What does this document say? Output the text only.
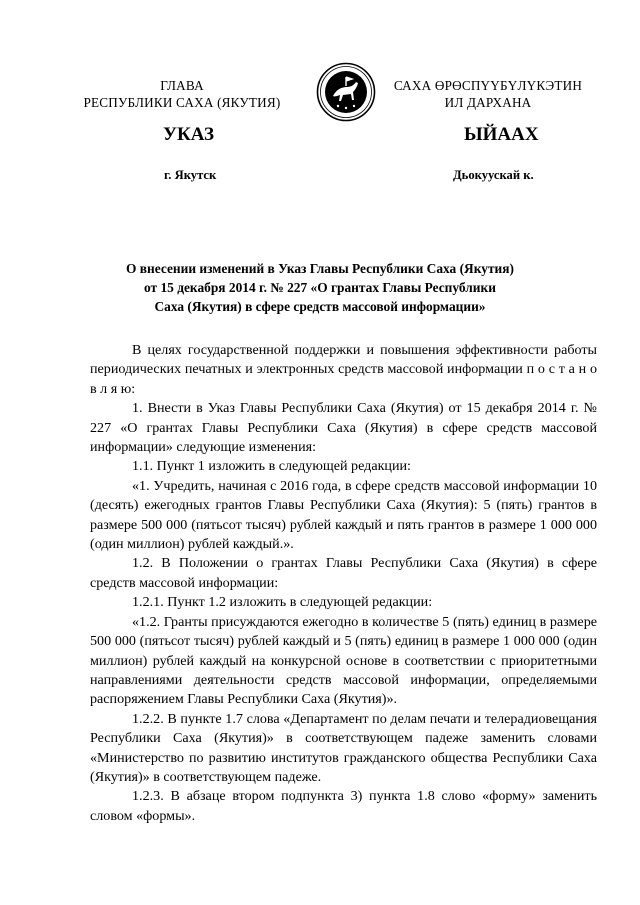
ГЛАВА
РЕСПУБЛИКИ САХА (ЯКУТИЯ)
САХА ӨРӨСПҮҮБҮЛҮКЭТИН
ИЛ ДАРХАНА
УКАЗ	ЫЙААХ
г. Якутск	Дьокуускай к.
О внесении изменений в Указ Главы Республики Саха (Якутия)
от 15 декабря 2014 г. № 227 «О грантах Главы Республики
Саха (Якутия) в сфере средств массовой информации»

В целях государственной поддержки и повышения эффективности работы периодических печатных и электронных средств массовой информации п о с т а н о в л я ю:

1. Внести в Указ Главы Республики Саха (Якутия) от 15 декабря 2014 г. № 227 «О грантах Главы Республики Саха (Якутия) в сфере средств массовой информации» следующие изменения:

1.1. Пункт 1 изложить в следующей редакции:

«1. Учредить, начиная с 2016 года, в сфере средств массовой информации 10 (десять) ежегодных грантов Главы Республики Саха (Якутия): 5 (пять) грантов в размере 500 000 (пятьсот тысяч) рублей каждый и пять грантов в размере 1 000 000 (один миллион) рублей каждый.».

1.2. В Положении о грантах Главы Республики Саха (Якутия) в сфере средств массовой информации:

1.2.1. Пункт 1.2 изложить в следующей редакции:

«1.2. Гранты присуждаются ежегодно в количестве 5 (пять) единиц в размере 500 000 (пятьсот тысяч) рублей каждый и 5 (пять) единиц в размере 1 000 000 (один миллион) рублей каждый на конкурсной основе в соответствии с приоритетными направлениями деятельности средств массовой информации, определяемыми распоряжением Главы Республики Саха (Якутия)».

1.2.2. В пункте 1.7 слова «Департамент по делам печати и телерадиовещания Республики Саха (Якутия)» в соответствующем падеже заменить словами «Министерство по развитию институтов гражданского общества Республики Саха (Якутия)» в соответствующем падеже.

1.2.3. В абзаце втором подпункта 3) пункта 1.8 слово «форму» заменить словом «формы».
